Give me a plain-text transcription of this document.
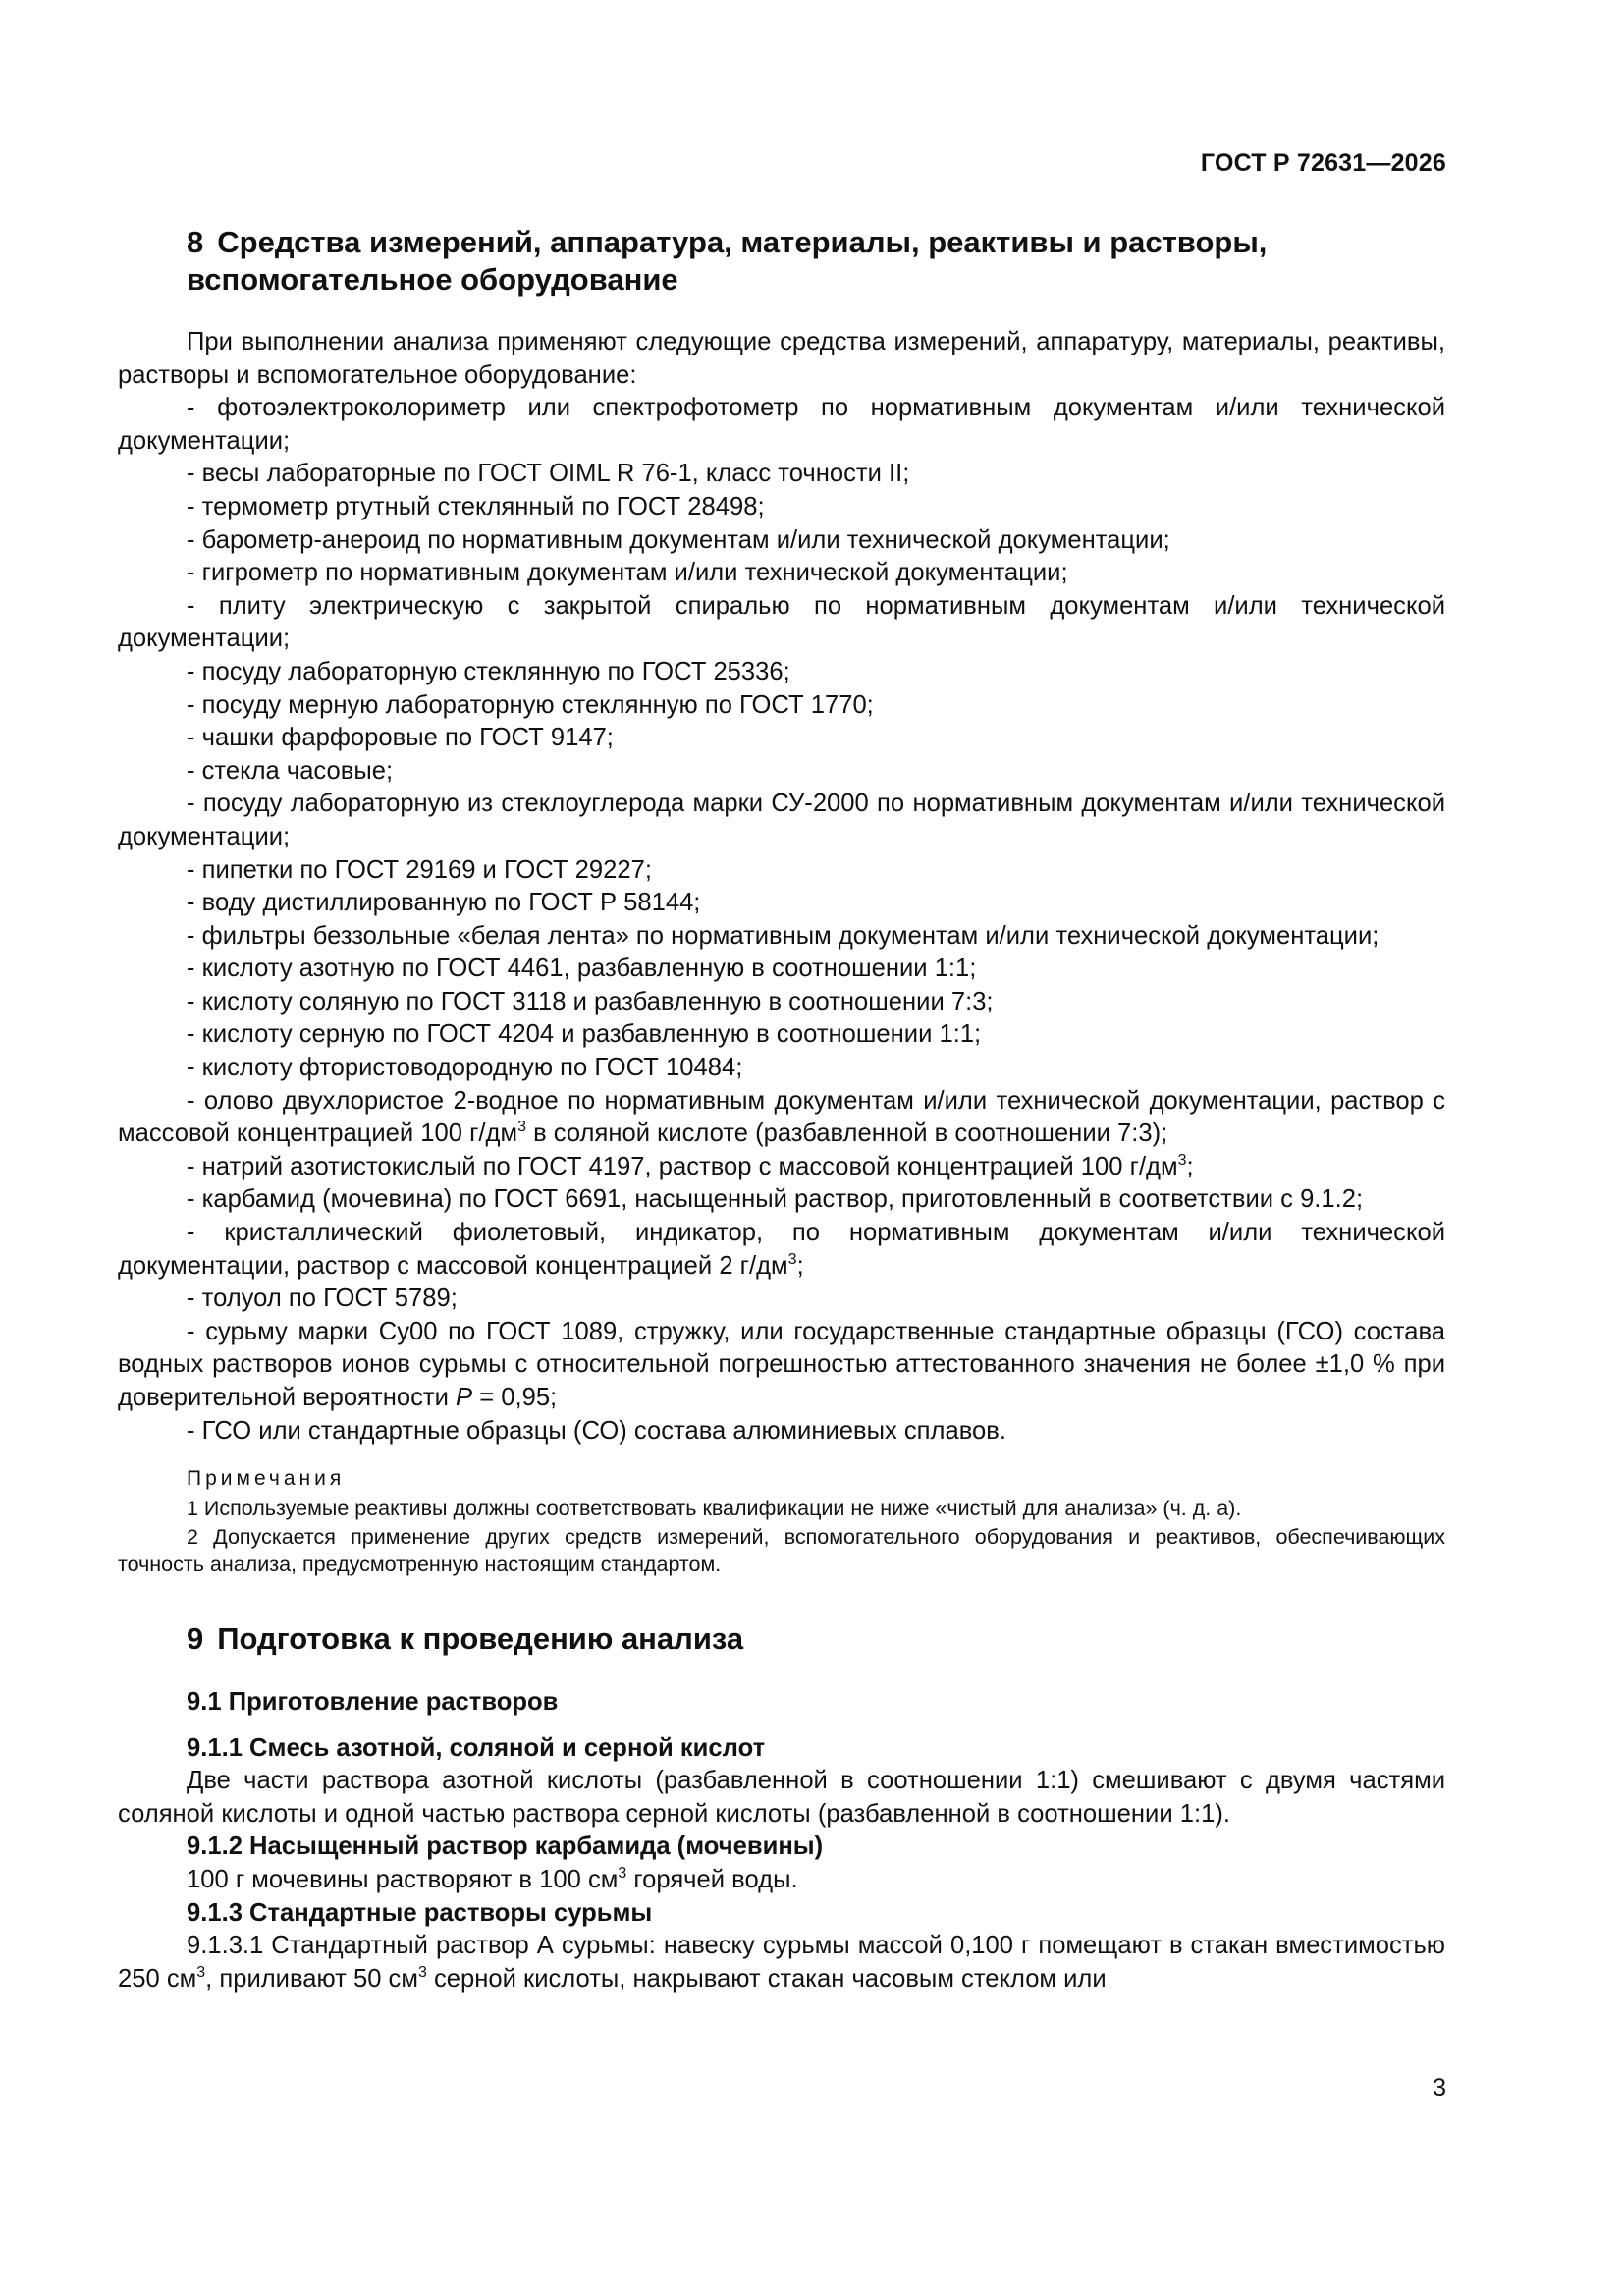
ГОСТ Р 72631—2026
8 Средства измерений, аппаратура, материалы, реактивы и растворы,
вспомогательное оборудование

При выполнении анализа применяют следующие средства измерений, аппаратуру, материалы, реактивы, растворы и вспомогательное оборудование:

- фотоэлектроколориметр или спектрофотометр по нормативным документам и/или технической документации;

- весы лабораторные по ГОСТ OIML R 76-1, класс точности II;

- термометр ртутный стеклянный по ГОСТ 28498;

- барометр-анероид по нормативным документам и/или технической документации;

- гигрометр по нормативным документам и/или технической документации;

- плиту электрическую с закрытой спиралью по нормативным документам и/или технической документации;

- посуду лабораторную стеклянную по ГОСТ 25336;

- посуду мерную лабораторную стеклянную по ГОСТ 1770;

- чашки фарфоровые по ГОСТ 9147;

- стекла часовые;

- посуду лабораторную из стеклоуглерода марки СУ-2000 по нормативным документам и/или технической документации;

- пипетки по ГОСТ 29169 и ГОСТ 29227;

- воду дистиллированную по ГОСТ Р 58144;

- фильтры беззольные «белая лента» по нормативным документам и/или технической документации;

- кислоту азотную по ГОСТ 4461, разбавленную в соотношении 1:1;

- кислоту соляную по ГОСТ 3118 и разбавленную в соотношении 7:3;

- кислоту серную по ГОСТ 4204 и разбавленную в соотношении 1:1;

- кислоту фтористоводородную по ГОСТ 10484;

- олово двухлористое 2-водное по нормативным документам и/или технической документации, раствор с массовой концентрацией 100 $г/дм^3$ в соляной кислоте (разбавленной в соотношении 7:3);

- натрий азотистокислый по ГОСТ 4197, раствор с массовой концентрацией 100 $г/дм^3$;

- карбамид (мочевина) по ГОСТ 6691, насыщенный раствор, приготовленный в соответствии с 9.1.2;

- кристаллический фиолетовый, индикатор, по нормативным документам и/или технической документации, раствор с массовой концентрацией 2 $г/дм^3$;

- толуол по ГОСТ 5789;

- сурьму марки Су00 по ГОСТ 1089, стружку, или государственные стандартные образцы (ГСО) состава водных растворов ионов сурьмы с относительной погрешностью аттестованного значения не более ±1,0 % при доверительной вероятности P = 0,95;

- ГСО или стандартные образцы (СО) состава алюминиевых сплавов.

Примечания

1 Используемые реактивы должны соответствовать квалификации не ниже «чистый для анализа» (ч. д. а).

2 Допускается применение других средств измерений, вспомогательного оборудования и реактивов, обеспечивающих точность анализа, предусмотренную настоящим стандартом.

9 Подготовка к проведению анализа
9.1 Приготовление растворов
9.1.1 Смесь азотной, соляной и серной кислот

Две части раствора азотной кислоты (разбавленной в соотношении 1:1) смешивают с двумя частями соляной кислоты и одной частью раствора серной кислоты (разбавленной в соотношении 1:1).

9.1.2 Насыщенный раствор карбамида (мочевины)

100 г мочевины растворяют в 100 $см^3$ горячей воды.

9.1.3 Стандартные растворы сурьмы

9.1.3.1 Стандартный раствор А сурьмы: навеску сурьмы массой 0,100 г помещают в стакан вместимостью 250 $см^3$, приливают 50 $см^3$ серной кислоты, накрывают стакан часовым стеклом или

3
